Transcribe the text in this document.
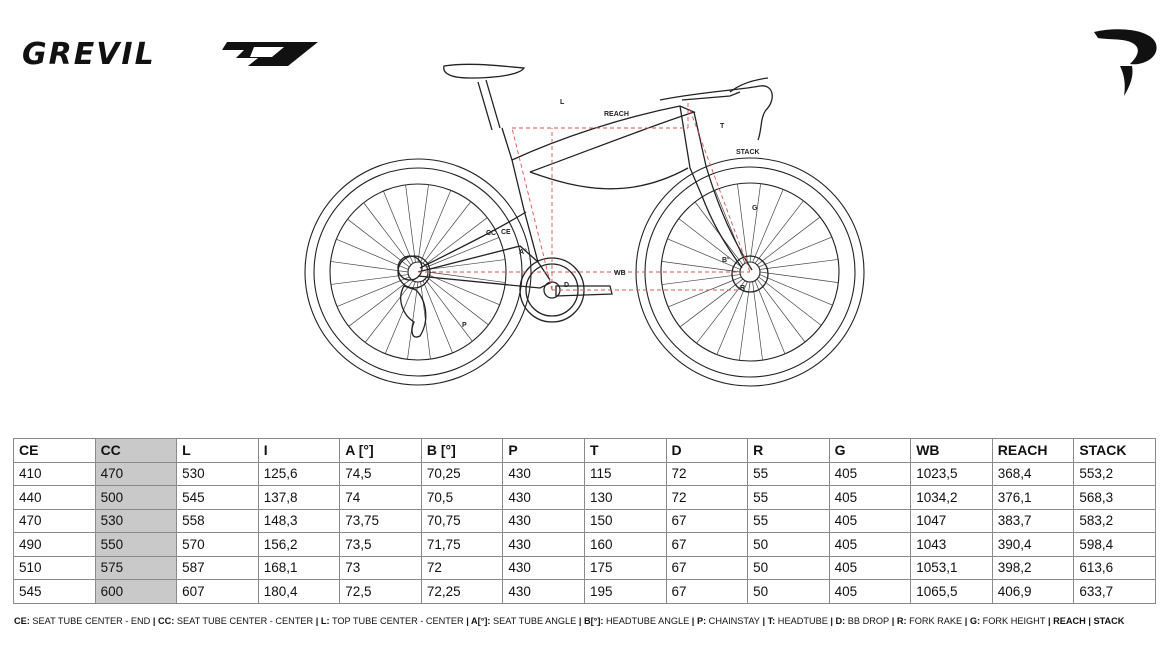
GREVIL
L
REACH
T
STACK
G
CC CE
A°
WB
D
B°
R
P
CE	CC	L	I	A [°]	B [°]	P	T	D	R	G	WB	REACH	STACK
410	470	530	125,6	74,5	70,25	430	115	72	55	405	1023,5	368,4	553,2
440	500	545	137,8	74	70,5	430	130	72	55	405	1034,2	376,1	568,3
470	530	558	148,3	73,75	70,75	430	150	67	55	405	1047	383,7	583,2
490	550	570	156,2	73,5	71,75	430	160	67	50	405	1043	390,4	598,4
510	575	587	168,1	73	72	430	175	67	50	405	1053,1	398,2	613,6
545	600	607	180,4	72,5	72,25	430	195	67	50	405	1065,5	406,9	633,7
CE: SEAT TUBE CENTER - END | CC: SEAT TUBE CENTER - CENTER | L: TOP TUBE CENTER - CENTER | A[°]: SEAT TUBE ANGLE | B[°]: HEADTUBE ANGLE | P: CHAINSTAY | T: HEADTUBE | D: BB DROP | R: FORK RAKE | G: FORK HEIGHT | REACH | STACK
